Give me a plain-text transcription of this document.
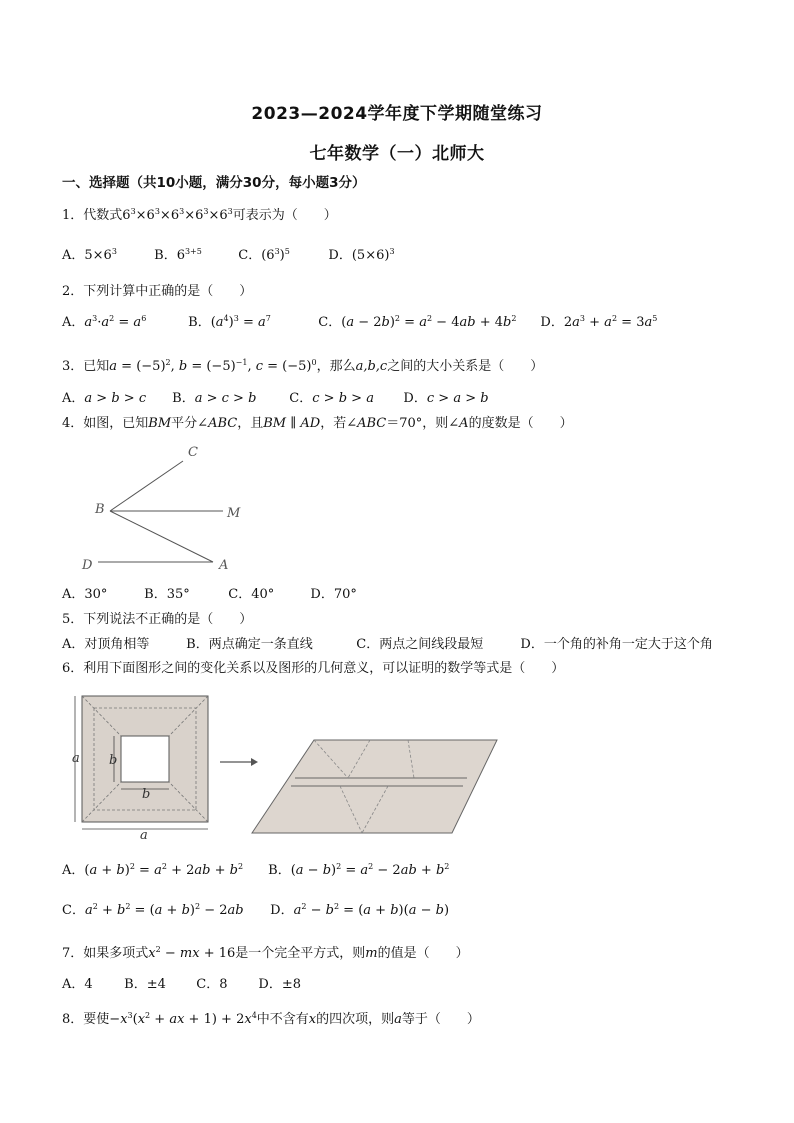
2023—2024学年度下学期随堂练习
七年数学（一）北师大
一、选择题（共10小题，满分30分，每小题3分）
1．代数式$6^3\times 6^3\times 6^3\times 6^3\times 6^3$可表示为（　　）
A．$5\times 6^3$	B．$6^{3+5}$	C．$(6^3)^5$	D．$(5\times 6)^3$
2．下列计算中正确的是（　　）
A．$a^3\cdot a^2 = a^6$	B．$(a^4)^3 = a^7$	C．$(a - 2b)^2 = a^2 - 4ab + 4b^2$ D．$2a^3 + a^2 = 3a^5$
3．已知$a = (-5)^2$, $b = (-5)^{-1}$, $c = (-5)^0$，那么a,b,c之间的大小关系是（　　）
A．a > b > c B．a > c > b	C．c > b > a D．c > a > b
4．如图，已知BM平分∠ABC，且BM ∥ AD，若∠ABC＝70°，则∠A的度数是（　　）
C
B	M
D	A
A．30°	B．35°	C．40°	D．70°
5．下列说法不正确的是（　　）
A．对顶角相等	B．两点确定一条直线	C．两点之间线段最短	D．一个角的补角一定大于这个角
6．利用下面图形之间的变化关系以及图形的几何意义，可以证明的数学等式是（　　）
a
a
b
b
A．$(a + b)^2 = a^2 + 2ab + b^2$ B．$(a - b)^2 = a^2 - 2ab + b^2$
C．$a^2 + b^2 = (a + b)^2 - 2ab$ D．$a^2 - b^2 = (a + b)(a - b)$
7．如果多项式$x^2$ − mx + 16是一个完全平方式，则m的值是（　　）
A．4 B．±4 C．8 D．±8
8．要使$-x^3(x^2$ + ax + $1) + 2x^4$中不含有x的四次项，则a等于（　　）
